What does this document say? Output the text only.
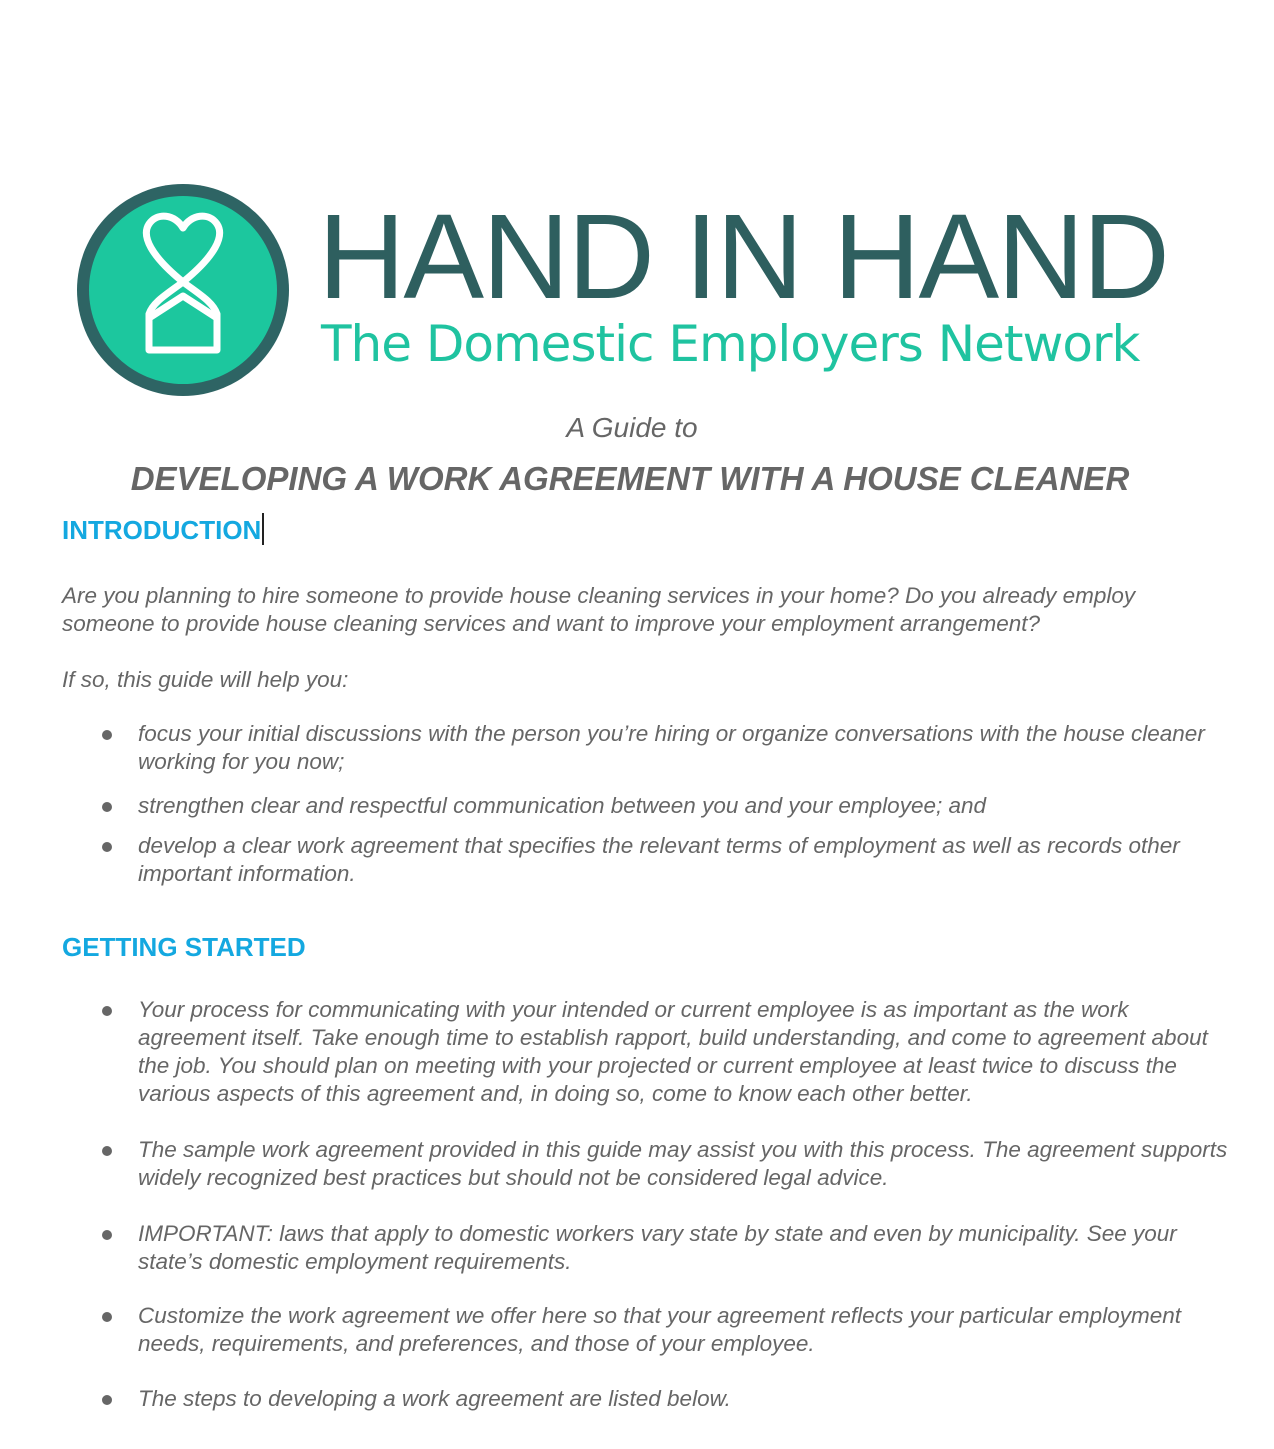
HAND IN HAND
The Domestic Employers Network
A Guide to
DEVELOPING A WORK AGREEMENT WITH A HOUSE CLEANER
INTRODUCTION

Are you planning to hire someone to provide house cleaning services in your home? Do you already employ someone to provide house cleaning services and want to improve your employment arrangement?

If so, this guide will help you:

focus your initial discussions with the person you’re hiring or organize conversations with the house cleaner working for you now;
strengthen clear and respectful communication between you and your employee; and
develop a clear work agreement that specifies the relevant terms of employment as well as records other important information.
GETTING STARTED
Your process for communicating with your intended or current employee is as important as the work agreement itself. Take enough time to establish rapport, build understanding, and come to agreement about the job. You should plan on meeting with your projected or current employee at least twice to discuss the various aspects of this agreement and, in doing so, come to know each other better.
The sample work agreement provided in this guide may assist you with this process. The agreement supports widely recognized best practices but should not be considered legal advice.
IMPORTANT: laws that apply to domestic workers vary state by state and even by municipality. See your state’s domestic employment requirements.
Customize the work agreement we offer here so that your agreement reflects your particular employment needs, requirements, and preferences, and those of your employee.
The steps to developing a work agreement are listed below.
